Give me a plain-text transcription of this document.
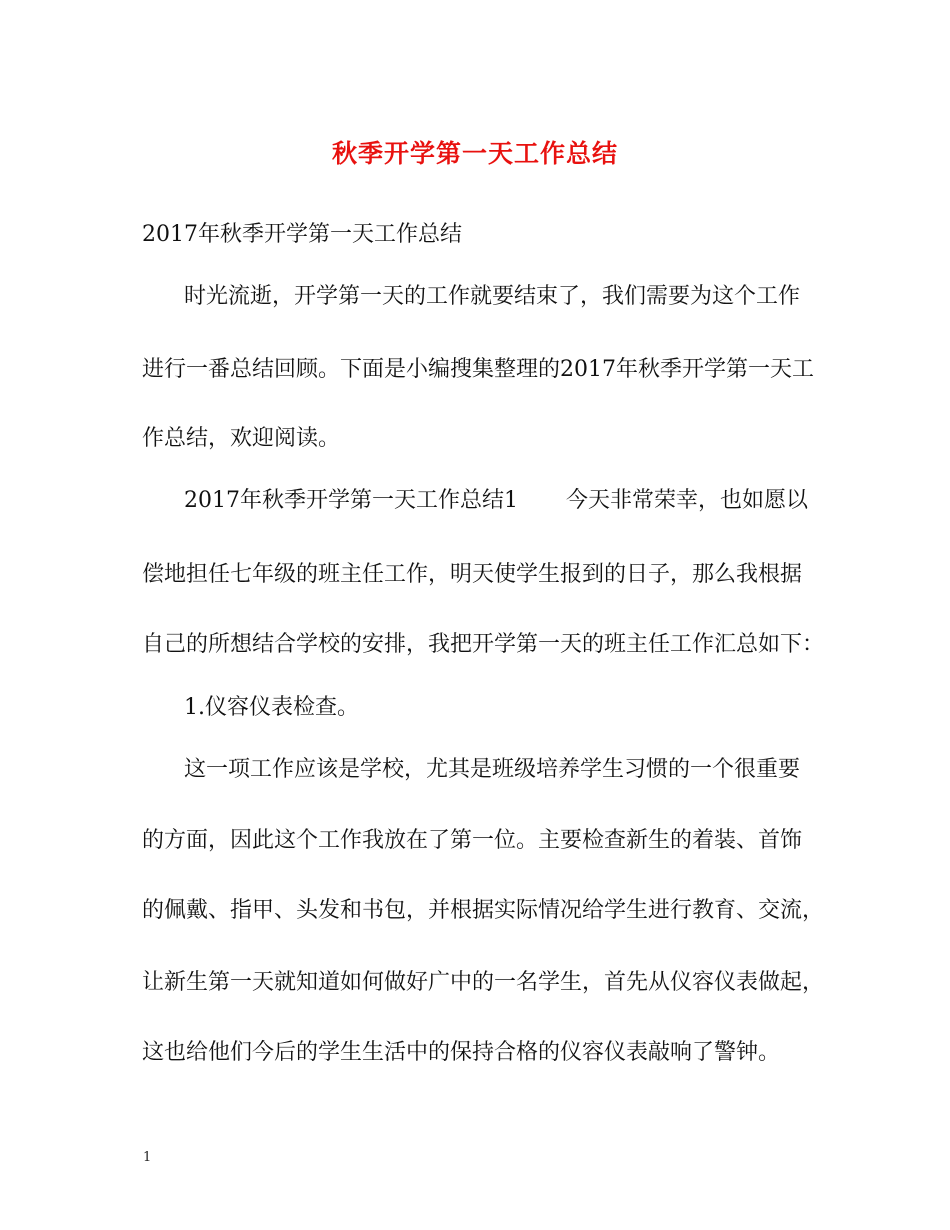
秋季开学第一天工作总结
2017年秋季开学第一天工作总结
时光流逝，开学第一天的工作就要结束了，我们需要为这个工作
进行一番总结回顾。下面是小编搜集整理的2017年秋季开学第一天工
作总结，欢迎阅读。
2017年秋季开学第一天工作总结1 今天非常荣幸，也如愿以
偿地担任七年级的班主任工作，明天使学生报到的日子，那么我根据
自己的所想结合学校的安排，我把开学第一天的班主任工作汇总如下：
1.仪容仪表检查。
这一项工作应该是学校，尤其是班级培养学生习惯的一个很重要
的方面，因此这个工作我放在了第一位。主要检查新生的着装、首饰
的佩戴、指甲、头发和书包，并根据实际情况给学生进行教育、交流，
让新生第一天就知道如何做好广中的一名学生，首先从仪容仪表做起，
这也给他们今后的学生生活中的保持合格的仪容仪表敲响了警钟。
1
